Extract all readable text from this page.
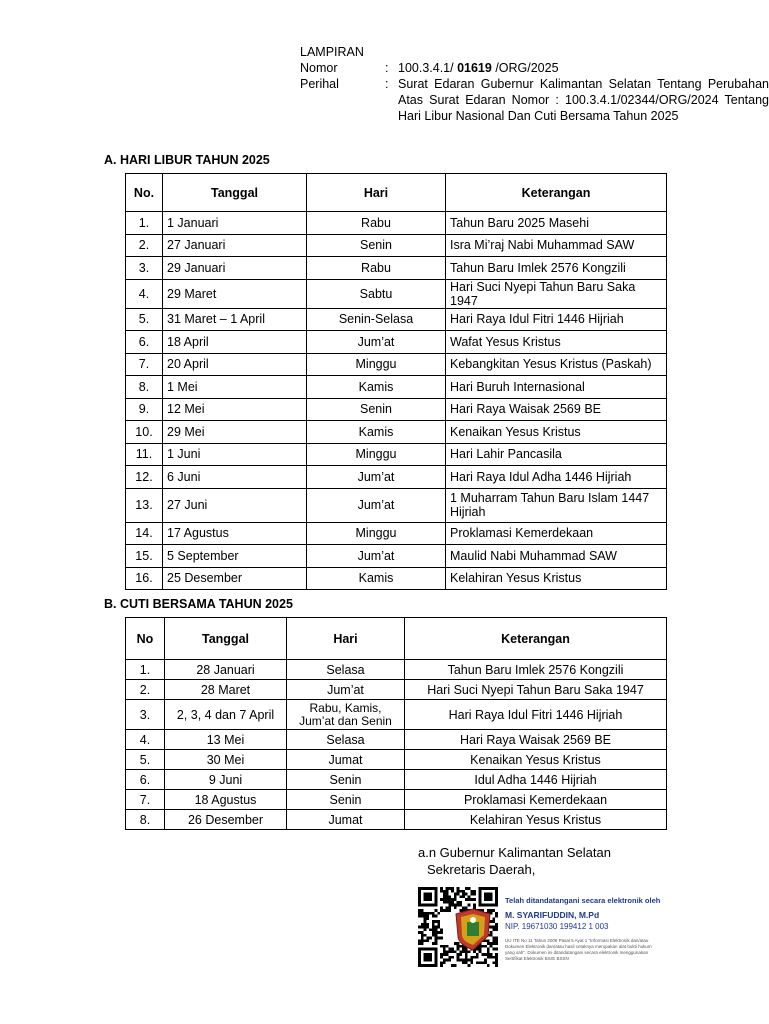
LAMPIRAN
Nomor	: 100.3.4.1/ 01619 /ORG/2025
Perihal	: Surat Edaran Gubernur Kalimantan Selatan Tentang Perubahan Atas Surat Edaran Nomor : 100.3.4.1/02344/ORG/2024 Tentang Hari Libur Nasional Dan Cuti Bersama Tahun 2025
A. HARI LIBUR TAHUN 2025
No.	Tanggal	Hari	Keterangan
1.	1 Januari	Rabu	Tahun Baru 2025 Masehi
2.	27 Januari	Senin	Isra Mi’raj Nabi Muhammad SAW
3.	29 Januari	Rabu	Tahun Baru Imlek 2576 Kongzili
4.	29 Maret	Sabtu	Hari Suci Nyepi Tahun Baru Saka 1947
5.	31 Maret – 1 April	Senin-Selasa	Hari Raya Idul Fitri 1446 Hijriah
6.	18 April	Jum’at	Wafat Yesus Kristus
7.	20 April	Minggu	Kebangkitan Yesus Kristus (Paskah)
8.	1 Mei	Kamis	Hari Buruh Internasional
9.	12 Mei	Senin	Hari Raya Waisak 2569 BE
10.	29 Mei	Kamis	Kenaikan Yesus Kristus
11.	1 Juni	Minggu	Hari Lahir Pancasila
12.	6 Juni	Jum’at	Hari Raya Idul Adha 1446 Hijriah
13.	27 Juni	Jum’at	1 Muharram Tahun Baru Islam 1447 Hijriah
14.	17 Agustus	Minggu	Proklamasi Kemerdekaan
15.	5 September	Jum’at	Maulid Nabi Muhammad SAW
16.	25 Desember	Kamis	Kelahiran Yesus Kristus
B. CUTI BERSAMA TAHUN 2025
No	Tanggal	Hari	Keterangan
1.	28 Januari	Selasa	Tahun Baru Imlek 2576 Kongzili
2.	28 Maret	Jum’at	Hari Suci Nyepi Tahun Baru Saka 1947
3.	2, 3, 4 dan 7 April	Rabu, Kamis, Jum’at dan Senin	Hari Raya Idul Fitri 1446 Hijriah
4.	13 Mei	Selasa	Hari Raya Waisak 2569 BE
5.	30 Mei	Jumat	Kenaikan Yesus Kristus
6.	9 Juni	Senin	Idul Adha 1446 Hijriah
7.	18 Agustus	Senin	Proklamasi Kemerdekaan
8.	26 Desember	Jumat	Kelahiran Yesus Kristus
a.n Gubernur Kalimantan Selatan
Sekretaris Daerah,
Telah ditandatangani secara elektronik oleh
M. SYARIFUDDIN, M.Pd
NIP. 19671030 199412 1 003
UU ITE No 11 Tahun 2008 Pasal 5 Ayat 1 "Informasi Elektronik dan/atau Dokumen Elektronik dan/atau hasil cetaknya merupakan alat bukti hukum yang sah". Dokumen ini ditandatangani secara elektronik menggunakan Sertifikat Elektronik BSrE BSSN
